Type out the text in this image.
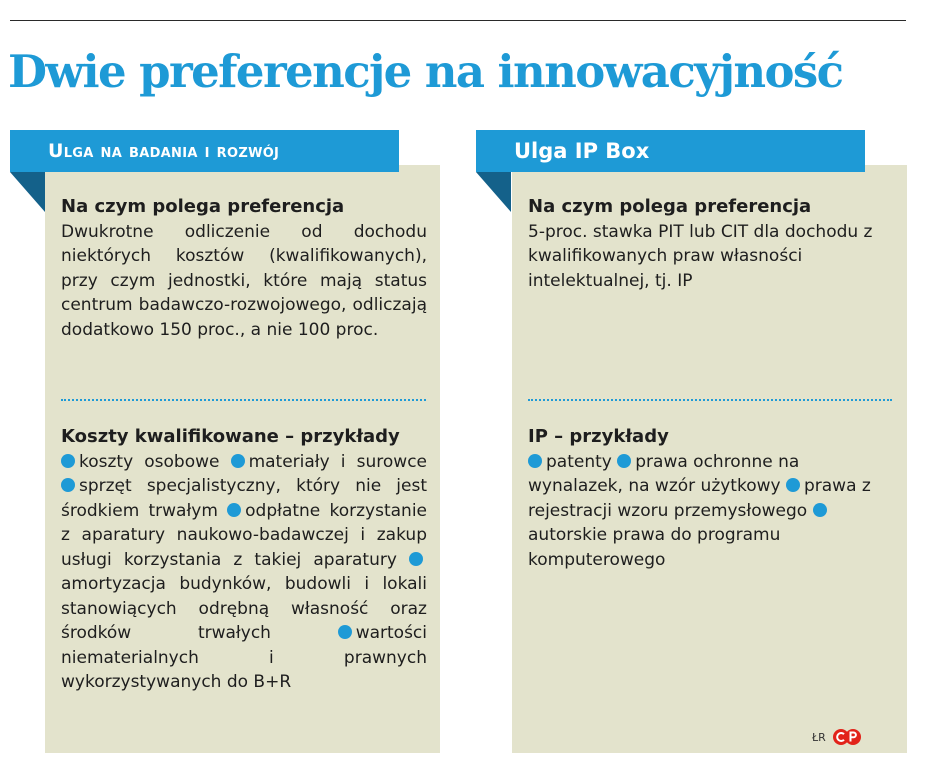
Dwie preferencje na innowacyjność
Ulga na badania i rozwój
Na czym polega preferencja
Dwukrotne odliczenie od dochodu niektórych kosztów (kwalifikowanych), przy czym jednostki, które mają status centrum badawczo-rozwojowego, odliczają dodatkowo 150 proc., a nie 100 proc.
Koszty kwalifikowane – przykłady
koszty osobowe materiały i surowce sprzęt specjalistyczny, który nie jest środkiem trwałym odpłatne korzystanie z aparatury naukowo-badawczej i zakup usługi korzystania z takiej aparatury amortyzacja budynków, budowli i lokali stanowiących odrębną własność oraz środków trwałych	wartości niematerialnych i prawnych wykorzystywanych do B+R
Ulga IP Box
Na czym polega preferencja
5-proc. stawka PIT lub CIT dla dochodu z kwalifikowanych praw własności intelektualnej, tj. IP
IP – przykłady
patenty prawa ochronne na wynalazek, na wzór użytkowy prawa z rejestracji wzoru przemysłowego autorskie prawa do programu komputerowego
ŁR
